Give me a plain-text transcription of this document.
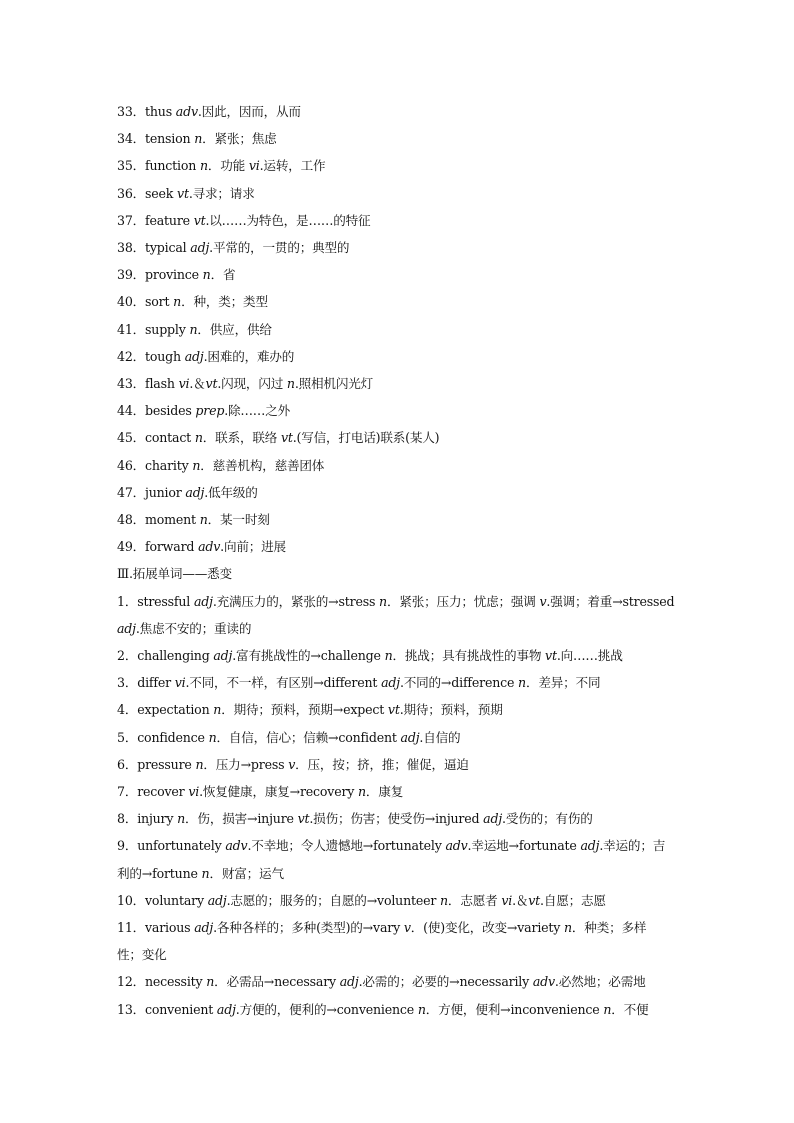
33．thus adv.因此，因而，从而
34．tension n．紧张；焦虑
35．function n．功能 vi.运转，工作
36．seek vt.寻求；请求
37．feature vt.以……为特色，是……的特征
38．typical adj.平常的，一贯的；典型的
39．province n．省
40．sort n．种，类；类型
41．supply n．供应，供给
42．tough adj.困难的，难办的
43．flash vi.＆vt.闪现，闪过 n.照相机闪光灯
44．besides prep.除……之外
45．contact n．联系，联络 vt.(写信，打电话)联系(某人)
46．charity n．慈善机构，慈善团体
47．junior adj.低年级的
48．moment n．某一时刻
49．forward adv.向前；进展
Ⅲ.拓展单词——悉变
1．stressful adj.充满压力的，紧张的→stress n．紧张；压力；忧虑；强调 v.强调；着重→stressed
adj.焦虑不安的；重读的
2．challenging adj.富有挑战性的→challenge n．挑战；具有挑战性的事物 vt.向……挑战
3．differ vi.不同，不一样，有区别→different adj.不同的→difference n．差异；不同
4．expectation n．期待；预料，预期→expect vt.期待；预料，预期
5．confidence n．自信，信心；信赖→confident adj.自信的
6．pressure n．压力→press v．压，按；挤，推；催促，逼迫
7．recover vi.恢复健康，康复→recovery n．康复
8．injury n．伤，损害→injure vt.损伤；伤害；使受伤→injured adj.受伤的；有伤的
9．unfortunately adv.不幸地；令人遗憾地→fortunately adv.幸运地→fortunate adj.幸运的；吉
利的→fortune n．财富；运气
10．voluntary adj.志愿的；服务的；自愿的→volunteer n．志愿者 vi.＆vt.自愿；志愿
11．various adj.各种各样的；多种(类型)的→vary v．(使)变化，改变→variety n．种类；多样
性；变化
12．necessity n．必需品→necessary adj.必需的；必要的→necessarily adv.必然地；必需地
13．convenient adj.方便的，便利的→convenience n．方便，便利→inconvenience n．不便
